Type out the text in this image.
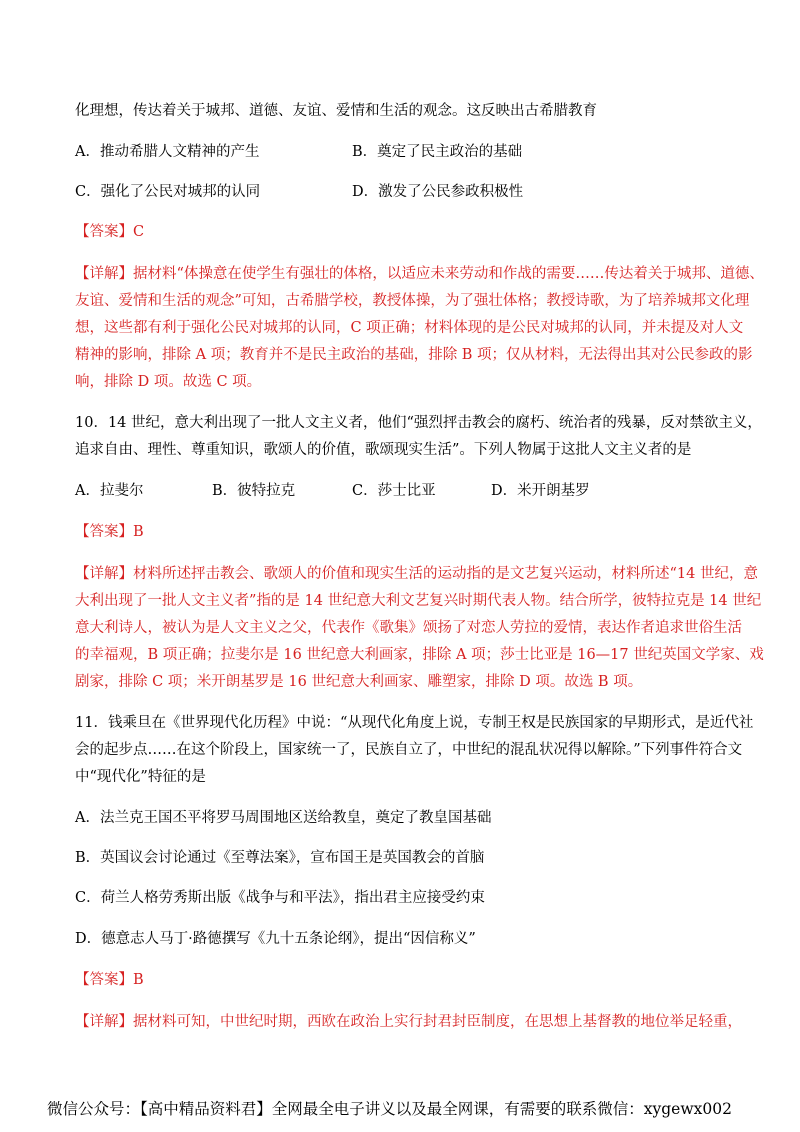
化理想，传达着关于城邦、道德、友谊、爱情和生活的观念。这反映出古希腊教育
A．推动希腊人文精神的产生	B．奠定了民主政治的基础
C．强化了公民对城邦的认同	D．激发了公民参政积极性
【答案】C
【详解】据材料“体操意在使学生有强壮的体格，以适应未来劳动和作战的需要……传达着关于城邦、道德、
友谊、爱情和生活的观念”可知，古希腊学校，教授体操，为了强壮体格；教授诗歌，为了培养城邦文化理
想，这些都有利于强化公民对城邦的认同，C 项正确；材料体现的是公民对城邦的认同，并未提及对人文
精神的影响，排除 A 项；教育并不是民主政治的基础，排除 B 项；仅从材料，无法得出其对公民参政的影
响，排除 D 项。故选 C 项。
10．14 世纪，意大利出现了一批人文主义者，他们“强烈抨击教会的腐朽、统治者的残暴，反对禁欲主义，
追求自由、理性、尊重知识，歌颂人的价值，歌颂现实生活”。下列人物属于这批人文主义者的是
A．拉斐尔	B．彼特拉克	C．莎士比亚	D．米开朗基罗
【答案】B
【详解】材料所述抨击教会、歌颂人的价值和现实生活的运动指的是文艺复兴运动，材料所述“14 世纪，意
大利出现了一批人文主义者”指的是 14 世纪意大利文艺复兴时期代表人物。结合所学，彼特拉克是 14 世纪
意大利诗人，被认为是人文主义之父，代表作《歌集》颂扬了对恋人劳拉的爱情，表达作者追求世俗生活
的幸福观，B 项正确；拉斐尔是 16 世纪意大利画家，排除 A 项；莎士比亚是 16—17 世纪英国文学家、戏
剧家，排除 C 项；米开朗基罗是 16 世纪意大利画家、雕塑家，排除 D 项。故选 B 项。
11．钱乘旦在《世界现代化历程》中说：“从现代化角度上说，专制王权是民族国家的早期形式，是近代社
会的起步点……在这个阶段上，国家统一了，民族自立了，中世纪的混乱状况得以解除。”下列事件符合文
中“现代化”特征的是
A．法兰克王国丕平将罗马周围地区送给教皇，奠定了教皇国基础
B．英国议会讨论通过《至尊法案》，宣布国王是英国教会的首脑
C．荷兰人格劳秀斯出版《战争与和平法》，指出君主应接受约束
D．德意志人马丁·路德撰写《九十五条论纲》，提出“因信称义”
【答案】B
【详解】据材料可知，中世纪时期，西欧在政治上实行封君封臣制度，在思想上基督教的地位举足轻重，
微信公众号：【高中精品资料君】全网最全电子讲义以及最全网课，有需要的联系微信：xygewx002
